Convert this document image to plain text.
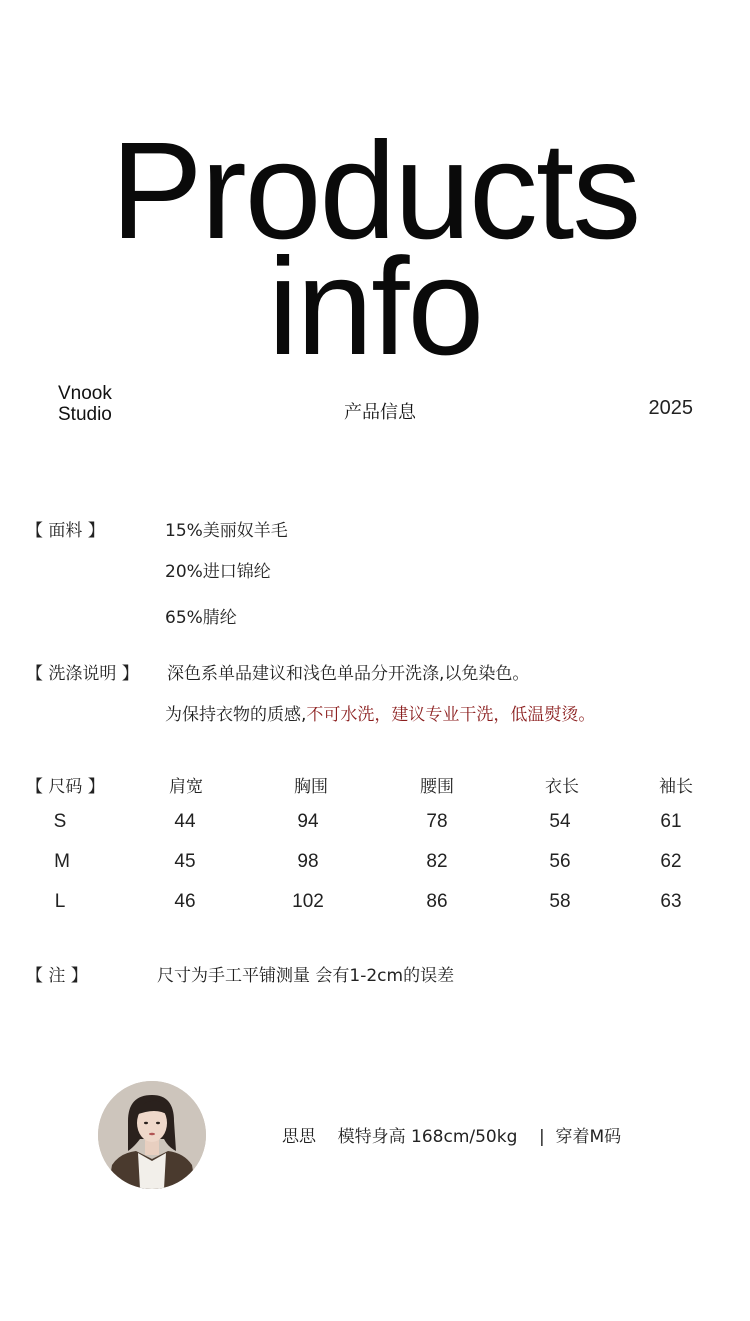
Products
info
Vnook
Studio	产品信息	2025
【 面料 】	15%美丽奴羊毛
20%进口锦纶
65%腈纶
【 洗涤说明 】 深色系单品建议和浅色单品分开洗涤,以免染色。
为保持衣物的质感,不可水洗，建议专业干洗，低温熨烫。
【 尺码 】	肩宽	胸围	腰围	衣长	袖长
S	44	94	78	54	61
M	45	98	82	56	62
L	46	102	86	58	63
【 注 】	尺寸为手工平铺测量 会有1-2cm的误差
思思    模特身高 168cm/50kg    |  穿着M码
